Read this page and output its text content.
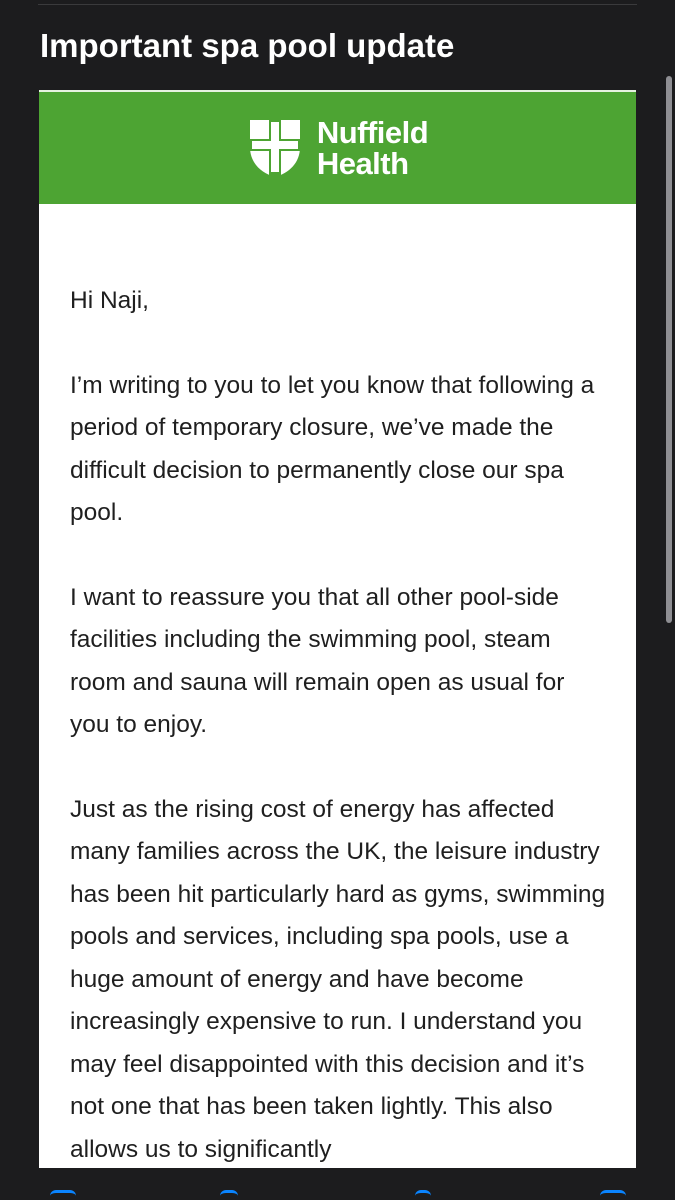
Important spa pool update
Nuffield
Health

Hi Naji,

I’m writing to you to let you know that following a period of temporary closure, we’ve made the difficult decision to permanently close our spa pool.

I want to reassure you that all other pool-side facilities including the swimming pool, steam room and sauna will remain open as usual for you to enjoy.

Just as the rising cost of energy has affected many families across the UK, the leisure industry has been hit particularly hard as gyms, swimming pools and services, including spa pools, use a huge amount of energy and have become increasingly expensive to run. I understand you may feel disappointed with this decision and it’s not one that has been taken lightly. This also allows us to significantly
